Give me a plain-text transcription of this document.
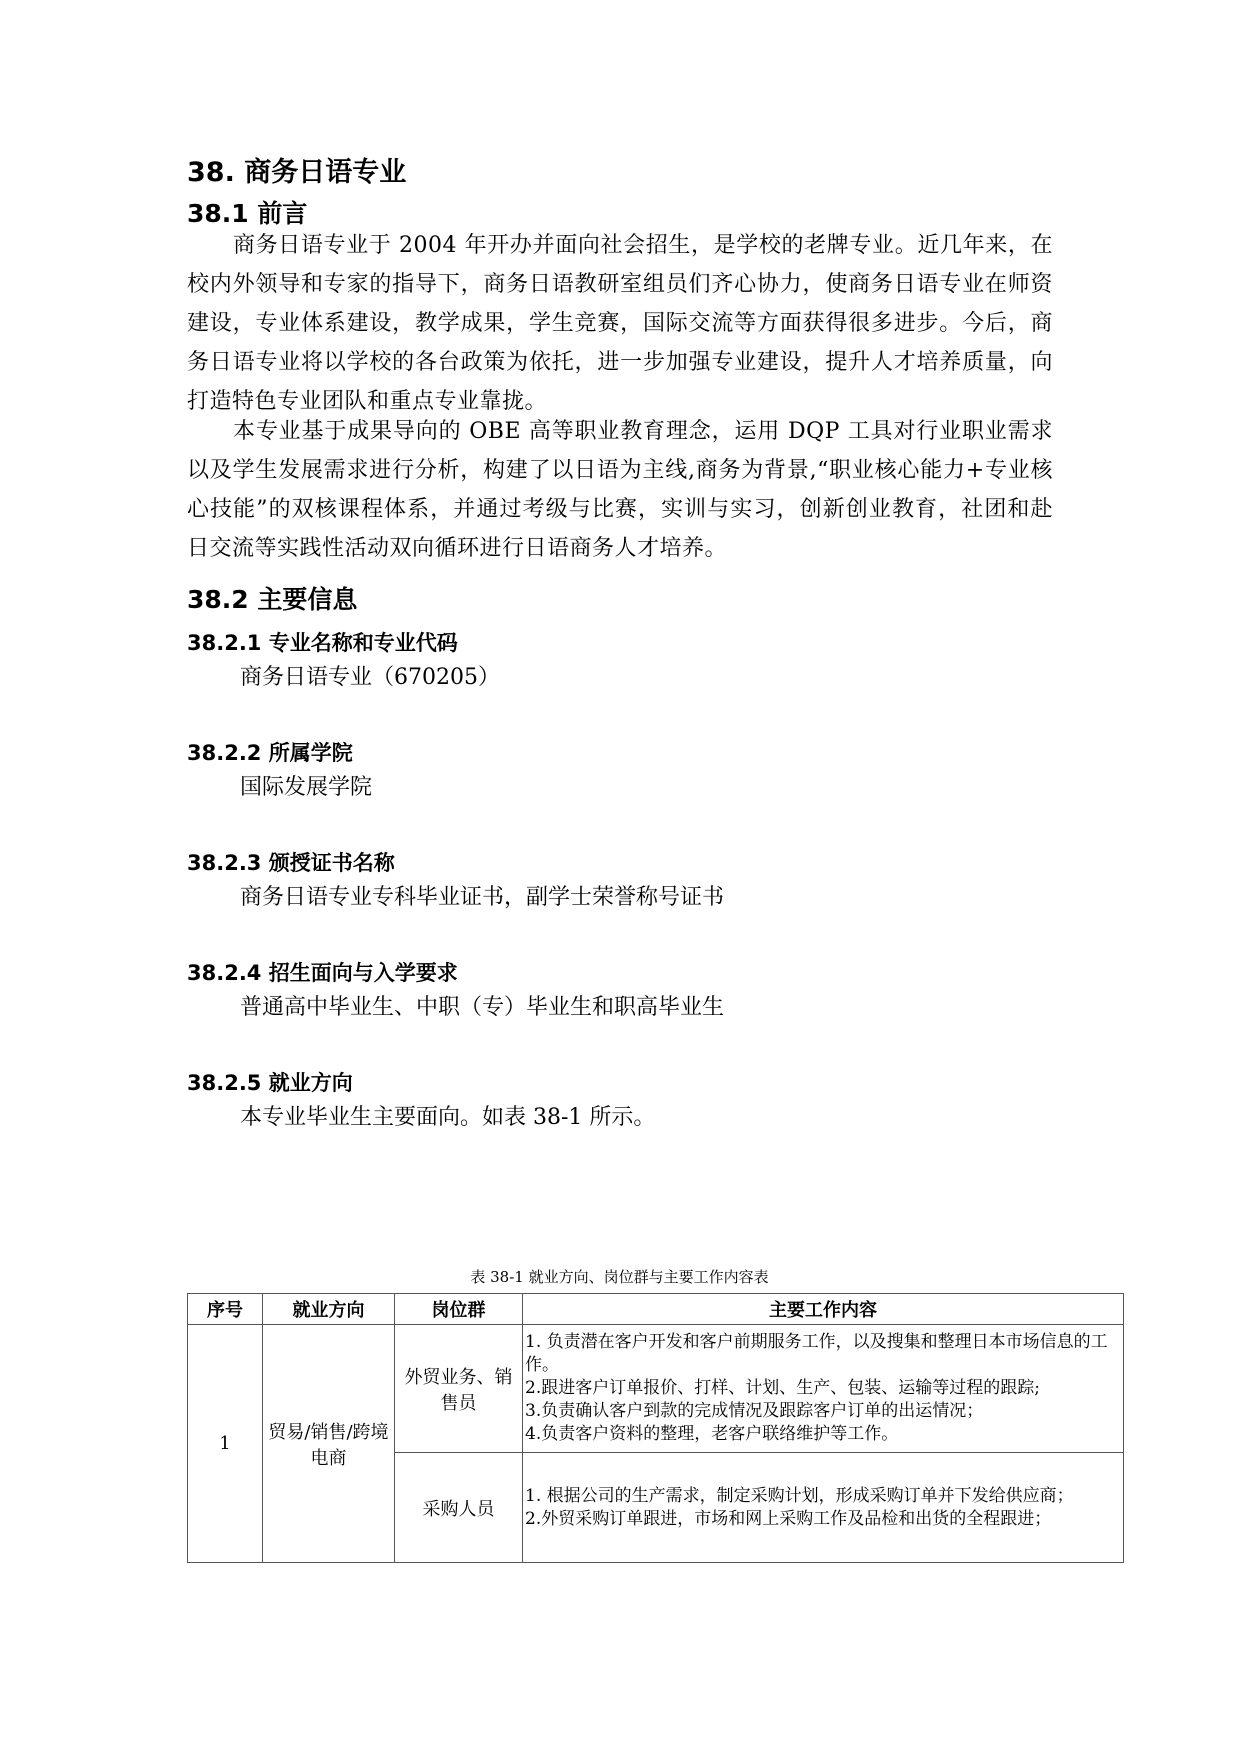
38. 商务日语专业
38.1 前言

商务日语专业于 2004 年开办并面向社会招生，是学校的老牌专业。近几年来，在校内外领导和专家的指导下，商务日语教研室组员们齐心协力，使商务日语专业在师资建设，专业体系建设，教学成果，学生竞赛，国际交流等方面获得很多进步。今后，商务日语专业将以学校的各台政策为依托，进一步加强专业建设，提升人才培养质量，向打造特色专业团队和重点专业靠拢。

本专业基于成果导向的 OBE 高等职业教育理念，运用 DQP 工具对行业职业需求以及学生发展需求进行分析，构建了以日语为主线,商务为背景,“职业核心能力+专业核心技能”的双核课程体系，并通过考级与比赛，实训与实习，创新创业教育，社团和赴日交流等实践性活动双向循环进行日语商务人才培养。

38.2 主要信息
38.2.1 专业名称和专业代码
商务日语专业（670205）
38.2.2 所属学院
国际发展学院
38.2.3 颁授证书名称
商务日语专业专科毕业证书，副学士荣誉称号证书
38.2.4 招生面向与入学要求
普通高中毕业生、中职（专）毕业生和职高毕业生
38.2.5 就业方向
本专业毕业生主要面向。如表 38-1 所示。
表 38-1 就业方向、岗位群与主要工作内容表
序号	就业方向	岗位群	主要工作内容
1	贸易/销售/跨境电商	外贸业务、销售员	1. 负责潜在客户开发和客户前期服务工作，以及搜集和整理日本市场信息的工作。
2.跟进客户订单报价、打样、计划、生产、包装、运输等过程的跟踪;
3.负责确认客户到款的完成情况及跟踪客户订单的出运情况；
4.负责客户资料的整理，老客户联络维护等工作。

		采购人员	1. 根据公司的生产需求，制定采购计划，形成采购订单并下发给供应商；
2.外贸采购订单跟进，市场和网上采购工作及品检和出货的全程跟进；
